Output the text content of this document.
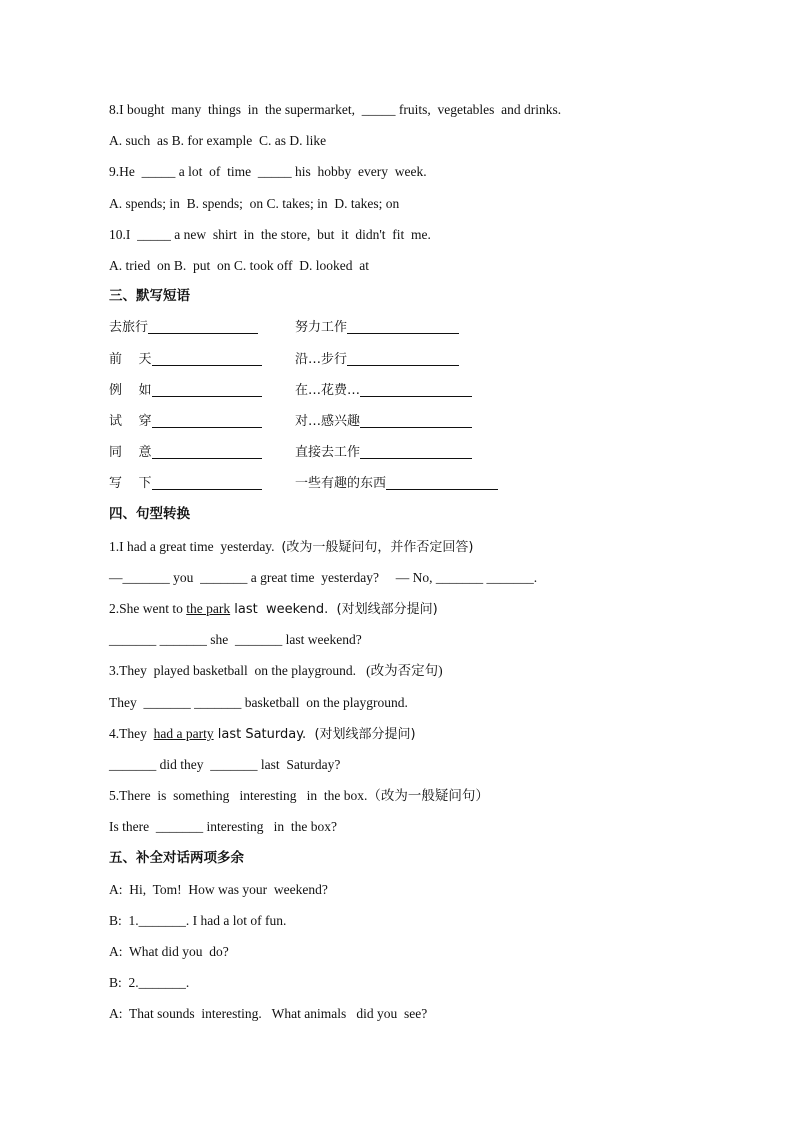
8.I bought  many  things  in  the supermarket,  _____ fruits,  vegetables  and drinks.

A. such  as B. for example  C. as D. like

9.He  _____ a lot  of  time  _____ his  hobby  every  week.

A. spends; in  B. spends;  on C. takes; in  D. takes; on

10.I  _____ a new  shirt  in  the store,  but  it  didn't  fit  me.

A. tried  on B.  put  on C. took off  D. looked  at

三、默写短语

去旅行	努力工作
前    天	沿…步行
例    如	在…花费…
试    穿	对…感兴趣
同    意	直接去工作
写    下	一些有趣的东西

四、句型转换

1.I had a great time  yesterday.  (改为一般疑问句，并作否定回答)

—_______ you  _______ a great time  yesterday?     — No, _______ _______.

2.She went to the park last  weekend.  (对划线部分提问)

_______ _______ she  _______ last weekend?

3.They  played basketball  on the playground.   (改为否定句)

They  _______ _______ basketball  on the playground.

4.They  had a party last Saturday.  (对划线部分提问)

_______ did they  _______ last  Saturday?

5.There  is  something   interesting   in  the box.（改为一般疑问句）

Is there  _______ interesting   in  the box?

五、补全对话两项多余

A:  Hi,  Tom!  How was your  weekend?

B:  1._______. I had a lot of fun.

A:  What did you  do?

B:  2._______.

A:  That sounds  interesting.   What animals   did you  see?
